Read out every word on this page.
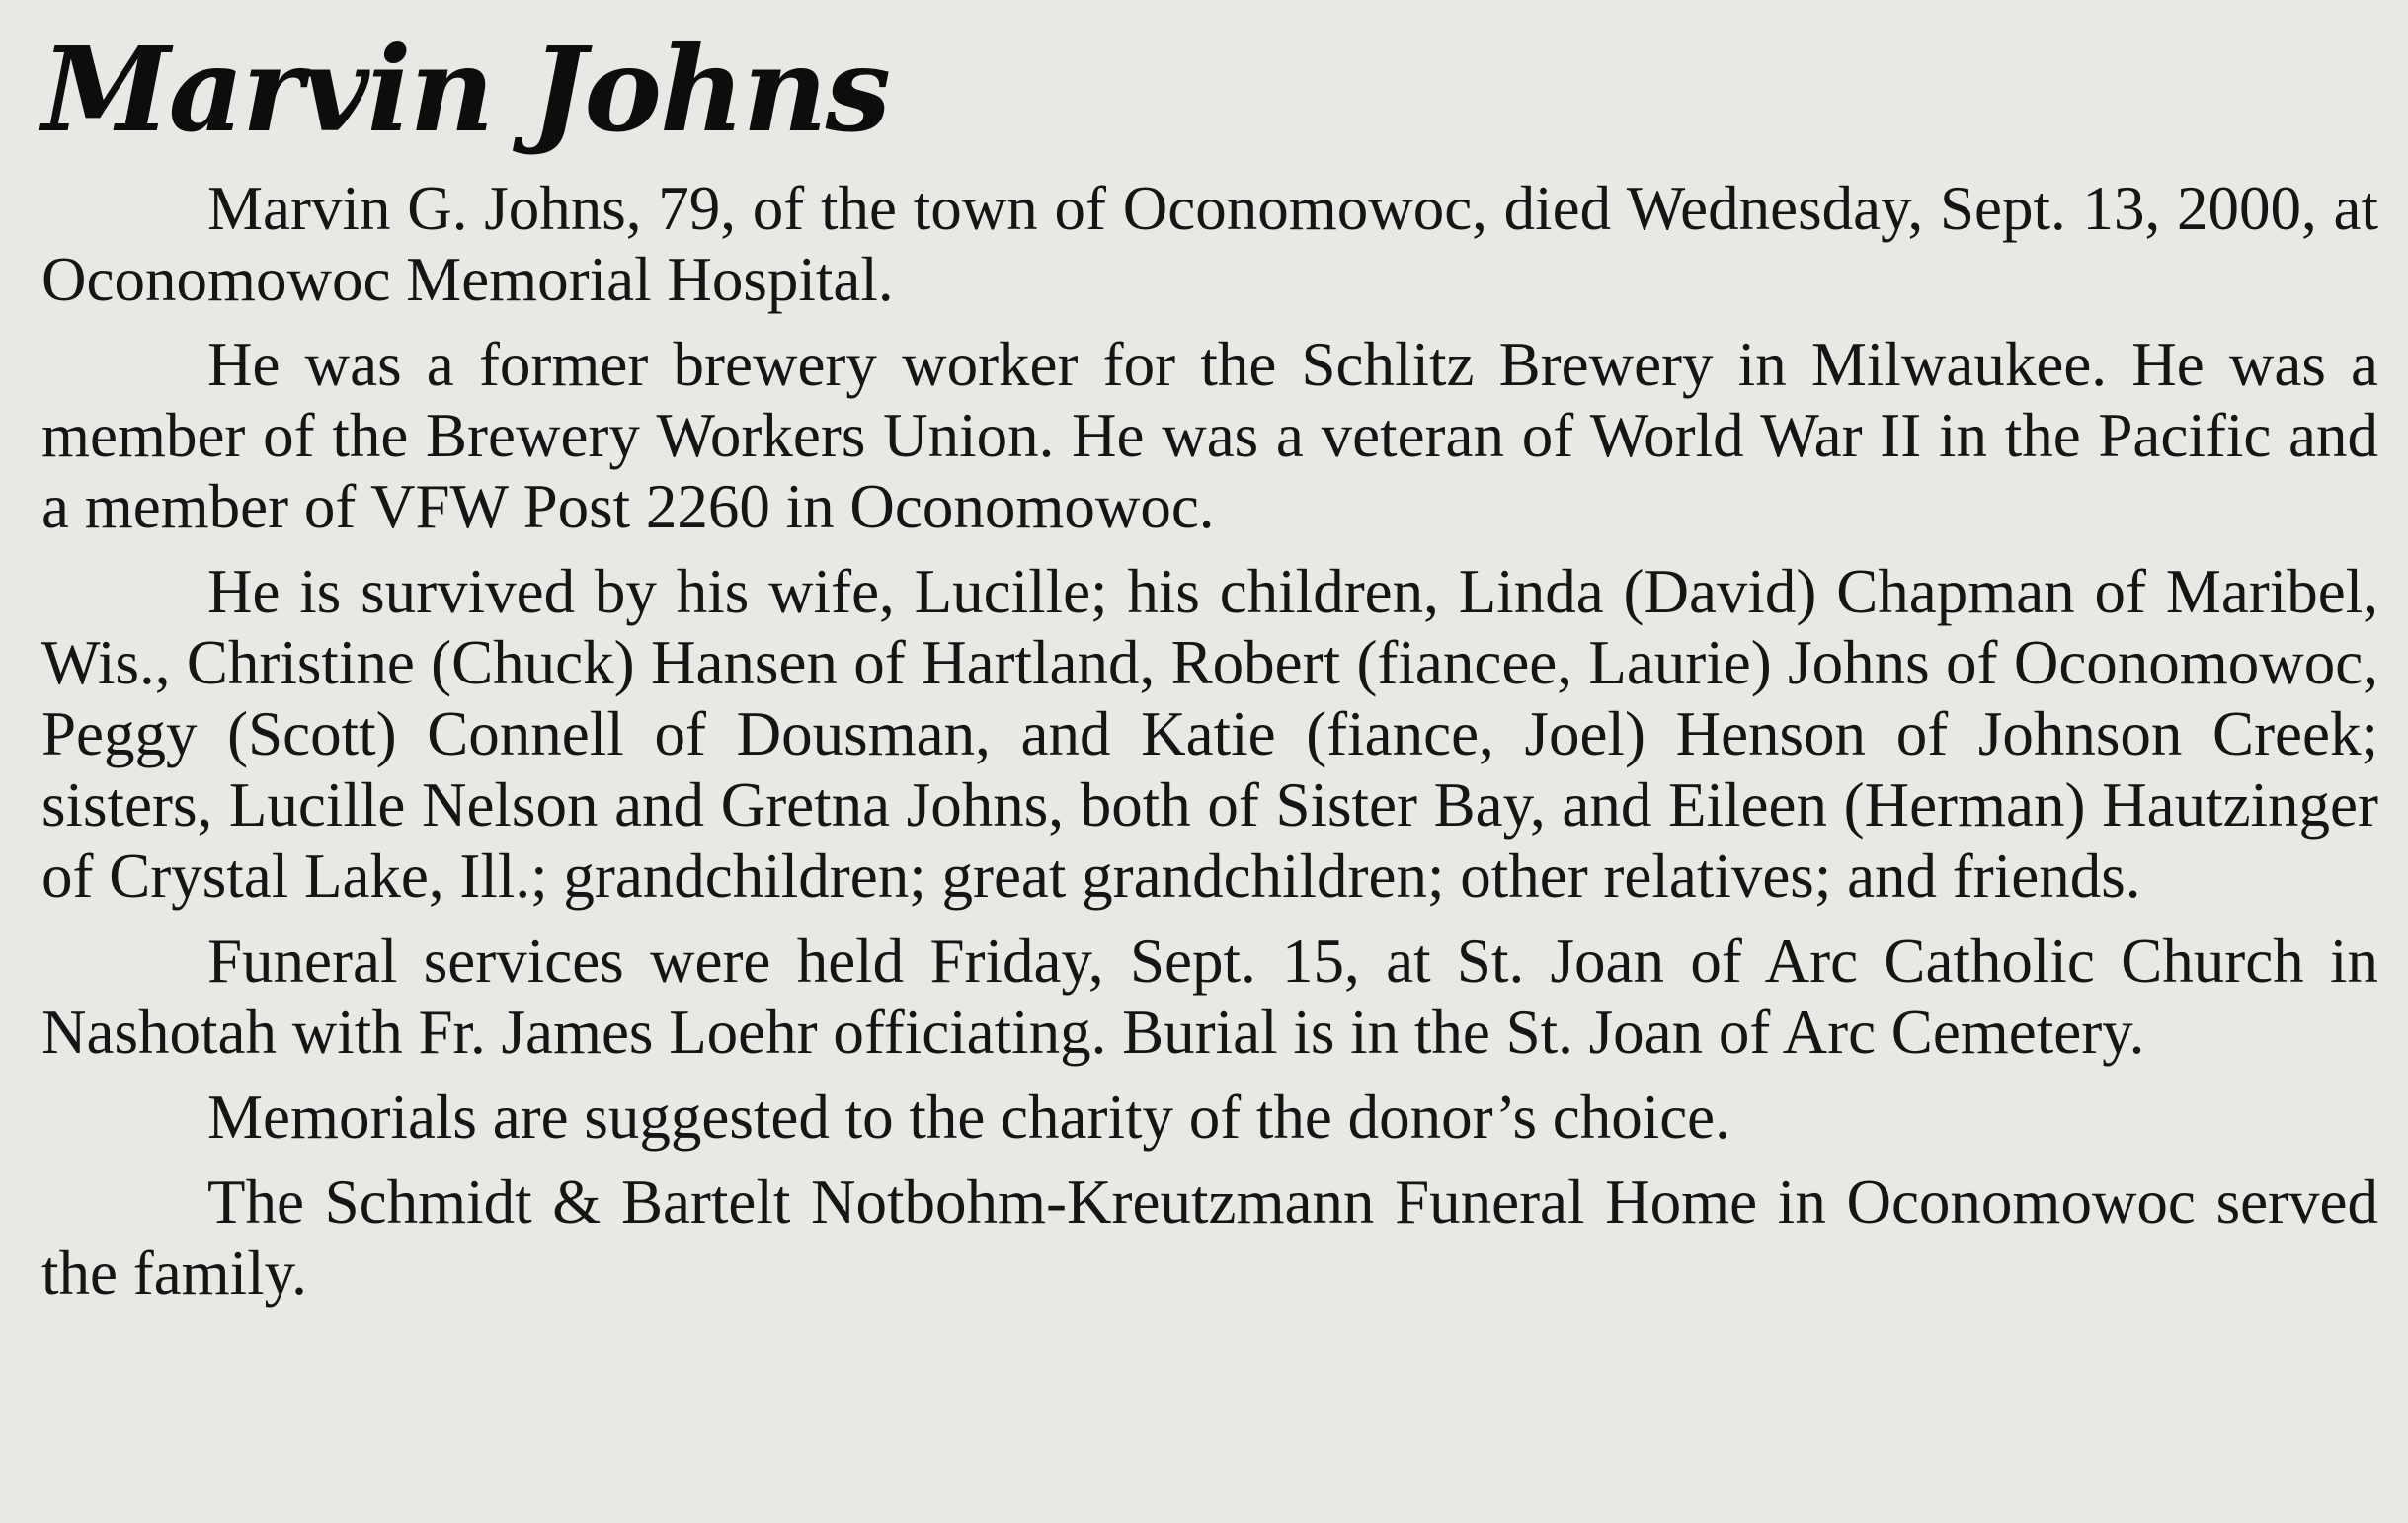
Marvin Johns

Marvin G. Johns, 79, of the town of Oconomowoc, died Wednesday, Sept. 13, 2000, at Oconomowoc Memorial Hospital.

He was a former brewery worker for the Schlitz Brewery in Milwaukee. He was a member of the Brewery Workers Union. He was a veteran of World War II in the Pacific and a member of VFW Post 2260 in Oconomowoc.

He is survived by his wife, Lucille; his children, Linda (David) Chapman of Maribel, Wis., Christine (Chuck) Hansen of Hartland, Robert (fiancee, Laurie) Johns of Oconomowoc, Peggy (Scott) Connell of Dousman, and Katie (fiance, Joel) Henson of Johnson Creek; sisters, Lucille Nelson and Gretna Johns, both of Sister Bay, and Eileen (Herman) Hautzinger of Crystal Lake, Ill.; grandchildren; great grandchildren; other relatives; and friends.

Funeral services were held Friday, Sept. 15, at St. Joan of Arc Catholic Church in Nashotah with Fr. James Loehr officiating. Burial is in the St. Joan of Arc Cemetery.

Memorials are suggested to the charity of the donor’s choice.

The Schmidt & Bartelt Notbohm-Kreutzmann Funeral Home in Oconomowoc served the family.
